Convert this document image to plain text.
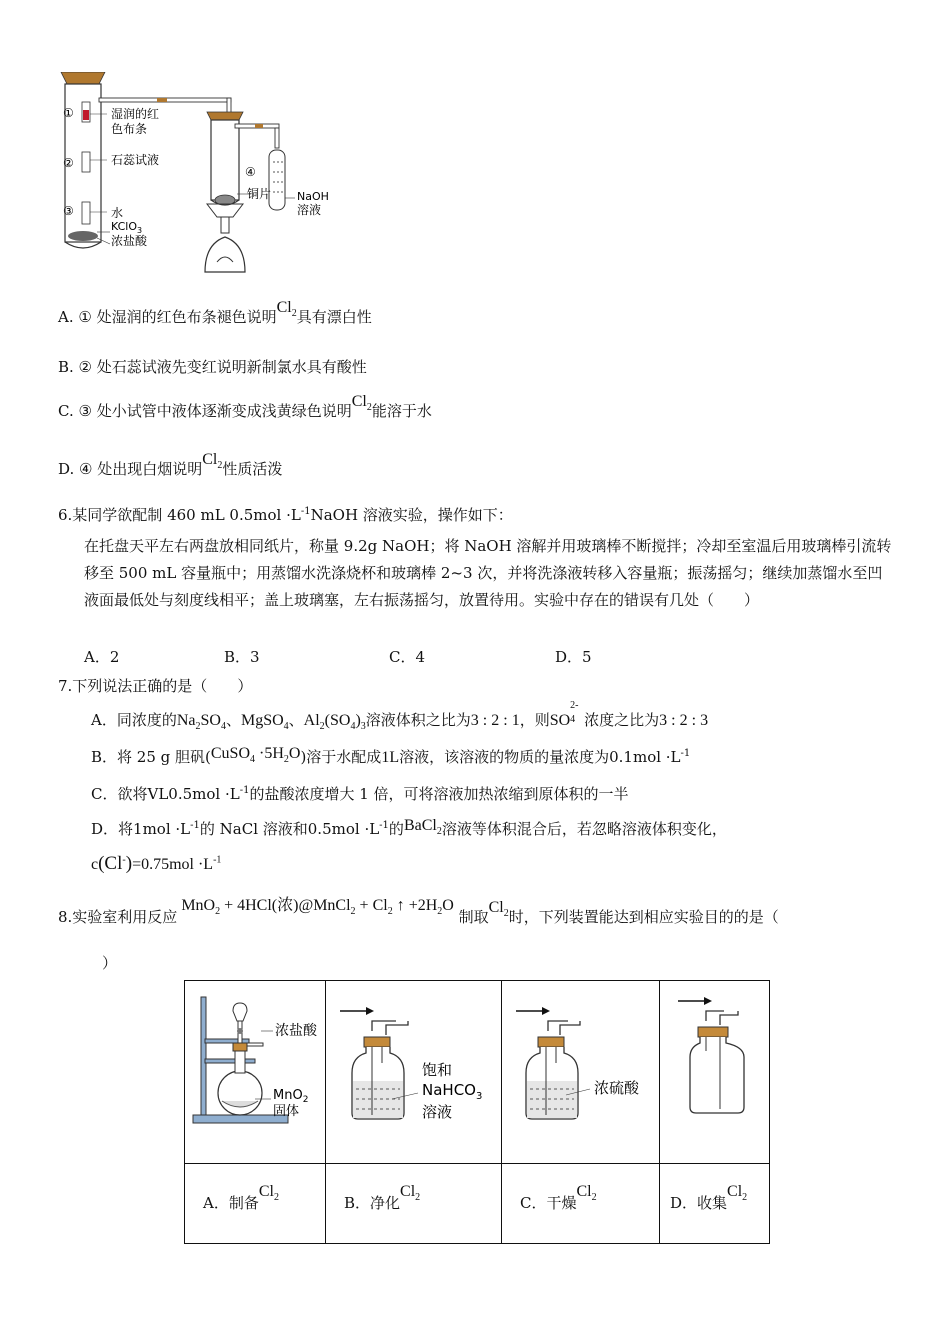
①
②
③
④
湿润的红
色布条
石蕊试液
水
KClO$_3$
浓盐酸
铜片 NaOH
溶液
A. ① 处湿润的红色布条褪色说明$Cl_2$具有漂白性
B. ② 处石蕊试液先变红说明新制氯水具有酸性
C. ③ 处小试管中液体逐渐变成浅黄绿色说明$Cl_2$能溶于水
D. ④ 处出现白烟说明$Cl_2$性质活泼
6.某同学欲配制 460 mL $0.5mol \cdot L^{-1}NaOH$ 溶液实验，操作如下：
在托盘天平左右两盘放相同纸片，称量 9.2g NaOH；将 NaOH 溶解并用玻璃棒不断搅拌；冷却至室温后用玻璃棒引流转移至 500 mL 容量瓶中；用蒸馏水洗涤烧杯和玻璃棒 2~3 次，并将洗涤液转移入容量瓶；振荡摇匀；继续加蒸馏水至凹液面最低处与刻度线相平；盖上玻璃塞，左右振荡摇匀，放置待用。实验中存在的错误有几处（　　）
A．2	B．3	C．4	D．5
7.下列说法正确的是（　　）
A．同浓度的$Na_2SO_4$、MgSO$_4$、$Al_2(SO_4)_3$溶液体积之比为3 : 2 : 1，则SO
2-
4 浓度之比为3 : 2 : 3
B．将 25 g 胆矾(CuSO$_4$ $\cdot 5H_2O$)溶于水配成1L溶液，该溶液的物质的量浓度为$0.1mol \cdot L^{-1}$
C．欲将$VL0.5mol \cdot L^{-1}$的盐酸浓度增大 1 倍，可将溶液加热浓缩到原体积的一半
D．将$1mol \cdot L^{-1}$的 NaCl 溶液和$0.5mol \cdot L^{-1}$的BaCl$_2$溶液等体积混合后，若忽略溶液体积变化，
$c(Cl^-)=0.75mol \cdot L^{-1}$
8.实验室利用反应MnO$_2$ + 4HCl(浓)@MnCl$_2$ + $Cl_2$ ↑ $+2H_2O$ 制取$Cl_2$时，下列装置能达到相应实验目的的是（
）
浓盐酸
MnO$_2$
固体	饱和
NaHCO$_3$
溶液	浓硫酸

A．制备$Cl_2$	B．净化$Cl_2$	C．干燥$Cl_2$	D．收集$Cl_2$
